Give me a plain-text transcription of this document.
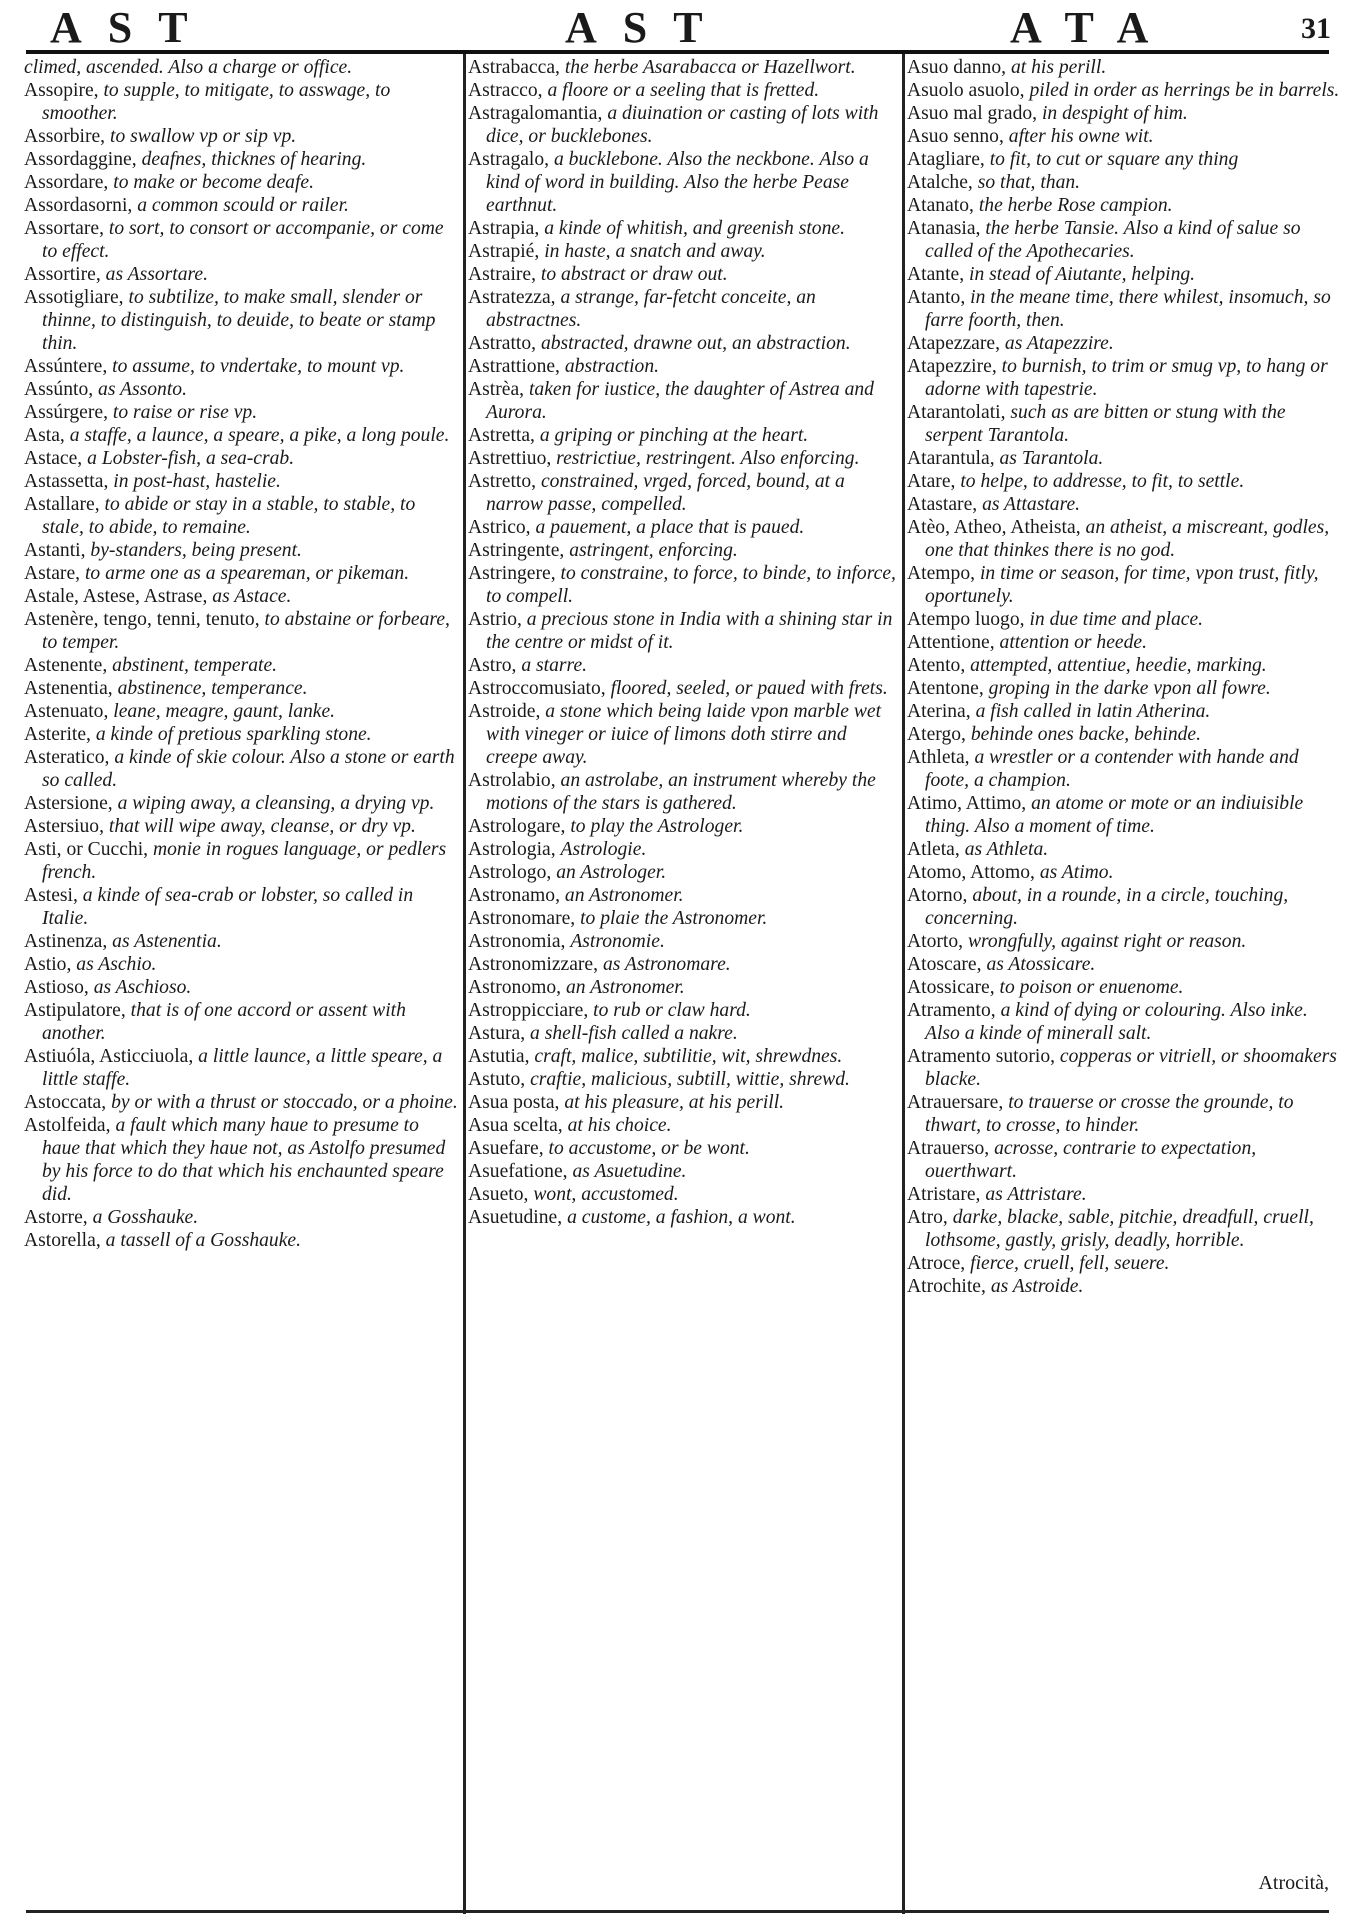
AST	AST	ATA	31

climed, ascended. Also a charge or office.

Assopire, to supple, to mitigate, to asswage, to smoother.

Assorbire, to swallow vp or sip vp.

Assordaggine, deafnes, thicknes of hearing.

Assordare, to make or become deafe.

Assordasorni, a common scould or railer.

Assortare, to sort, to consort or accompanie, or come to effect.

Assortire, as Assortare.

Assotigliare, to subtilize, to make small, slender or thinne, to distinguish, to deuide, to beate or stamp thin.

Assúntere, to assume, to vndertake, to mount vp.

Assúnto, as Assonto.

Assúrgere, to raise or rise vp.

Asta, a staffe, a launce, a speare, a pike, a long poule.

Astace, a Lobster-fish, a sea-crab.

Astassetta, in post-hast, hastelie.

Astallare, to abide or stay in a stable, to stable, to stale, to abide, to remaine.

Astanti, by-standers, being present.

Astare, to arme one as a speareman, or pikeman.

Astale, Astese, Astrase, as Astace.

Astenère, tengo, tenni, tenuto, to abstaine or forbeare, to temper.

Astenente, abstinent, temperate.

Astenentia, abstinence, temperance.

Astenuato, leane, meagre, gaunt, lanke.

Asterite, a kinde of pretious sparkling stone.

Asteratico, a kinde of skie colour. Also a stone or earth so called.

Astersione, a wiping away, a cleansing, a drying vp.

Astersiuo, that will wipe away, cleanse, or dry vp.

Asti, or Cucchi, monie in rogues language, or pedlers french.

Astesi, a kinde of sea-crab or lobster, so called in Italie.

Astinenza, as Astenentia.

Astio, as Aschio.

Astioso, as Aschioso.

Astipulatore, that is of one accord or assent with another.

Astiuóla, Asticciuola, a little launce, a little speare, a little staffe.

Astoccata, by or with a thrust or stoccado, or a phoine.

Astolfeida, a fault which many haue to presume to haue that which they haue not, as Astolfo presumed by his force to do that which his enchaunted speare did.

Astorre, a Gosshauke.

Astorella, a tassell of a Gosshauke.

Astrabacca, the herbe Asarabacca or Hazellwort.

Astracco, a floore or a seeling that is fretted.

Astragalomantia, a diuination or casting of lots with dice, or bucklebones.

Astragalo, a bucklebone. Also the neckbone. Also a kind of word in building. Also the herbe Pease earthnut.

Astrapia, a kinde of whitish, and greenish stone.

Astrapié, in haste, a snatch and away.

Astraire, to abstract or draw out.

Astratezza, a strange, far-fetcht conceite, an abstractnes.

Astratto, abstracted, drawne out, an abstraction.

Astrattione, abstraction.

Astrèa, taken for iustice, the daughter of Astrea and Aurora.

Astretta, a griping or pinching at the heart.

Astrettiuo, restrictiue, restringent. Also enforcing.

Astretto, constrained, vrged, forced, bound, at a narrow passe, compelled.

Astrico, a pauement, a place that is paued.

Astringente, astringent, enforcing.

Astringere, to constraine, to force, to binde, to inforce, to compell.

Astrio, a precious stone in India with a shining star in the centre or midst of it.

Astro, a starre.

Astroccomusiato, floored, seeled, or paued with frets.

Astroide, a stone which being laide vpon marble wet with vineger or iuice of limons doth stirre and creepe away.

Astrolabio, an astrolabe, an instrument whereby the motions of the stars is gathered.

Astrologare, to play the Astrologer.

Astrologia, Astrologie.

Astrologo, an Astrologer.

Astronamo, an Astronomer.

Astronomare, to plaie the Astronomer.

Astronomia, Astronomie.

Astronomizzare, as Astronomare.

Astronomo, an Astronomer.

Astroppicciare, to rub or claw hard.

Astura, a shell-fish called a nakre.

Astutia, craft, malice, subtilitie, wit, shrewdnes.

Astuto, craftie, malicious, subtill, wittie, shrewd.

Asua posta, at his pleasure, at his perill.

Asua scelta, at his choice.

Asuefare, to accustome, or be wont.

Asuefatione, as Asuetudine.

Asueto, wont, accustomed.

Asuetudine, a custome, a fashion, a wont.

Asuo danno, at his perill.

Asuolo asuolo, piled in order as herrings be in barrels.

Asuo mal grado, in despight of him.

Asuo senno, after his owne wit.

Atagliare, to fit, to cut or square any thing

Atalche, so that, than.

Atanato, the herbe Rose campion.

Atanasia, the herbe Tansie. Also a kind of salue so called of the Apothecaries.

Atante, in stead of Aiutante, helping.

Atanto, in the meane time, there whilest, insomuch, so farre foorth, then.

Atapezzare, as Atapezzire.

Atapezzire, to burnish, to trim or smug vp, to hang or adorne with tapestrie.

Atarantolati, such as are bitten or stung with the serpent Tarantola.

Atarantula, as Tarantola.

Atare, to helpe, to addresse, to fit, to settle.

Atastare, as Attastare.

Atèo, Atheo, Atheista, an atheist, a miscreant, godles, one that thinkes there is no god.

Atempo, in time or season, for time, vpon trust, fitly, oportunely.

Atempo luogo, in due time and place.

Attentione, attention or heede.

Atento, attempted, attentiue, heedie, marking.

Atentone, groping in the darke vpon all fowre.

Aterina, a fish called in latin Atherina.

Atergo, behinde ones backe, behinde.

Athleta, a wrestler or a contender with hande and foote, a champion.

Atimo, Attimo, an atome or mote or an indiuisible thing. Also a moment of time.

Atleta, as Athleta.

Atomo, Attomo, as Atimo.

Atorno, about, in a rounde, in a circle, touching, concerning.

Atorto, wrongfully, against right or reason.

Atoscare, as Atossicare.

Atossicare, to poison or enuenome.

Atramento, a kind of dying or colouring. Also inke. Also a kinde of minerall salt.

Atramento sutorio, copperas or vitriell, or shoomakers blacke.

Atrauersare, to trauerse or crosse the grounde, to thwart, to crosse, to hinder.

Atrauerso, acrosse, contrarie to expectation, ouerthwart.

Atristare, as Attristare.

Atro, darke, blacke, sable, pitchie, dreadfull, cruell, lothsome, gastly, grisly, deadly, horrible.

Atroce, fierce, cruell, fell, seuere.

Atrochite, as Astroide.

Atrocità,
